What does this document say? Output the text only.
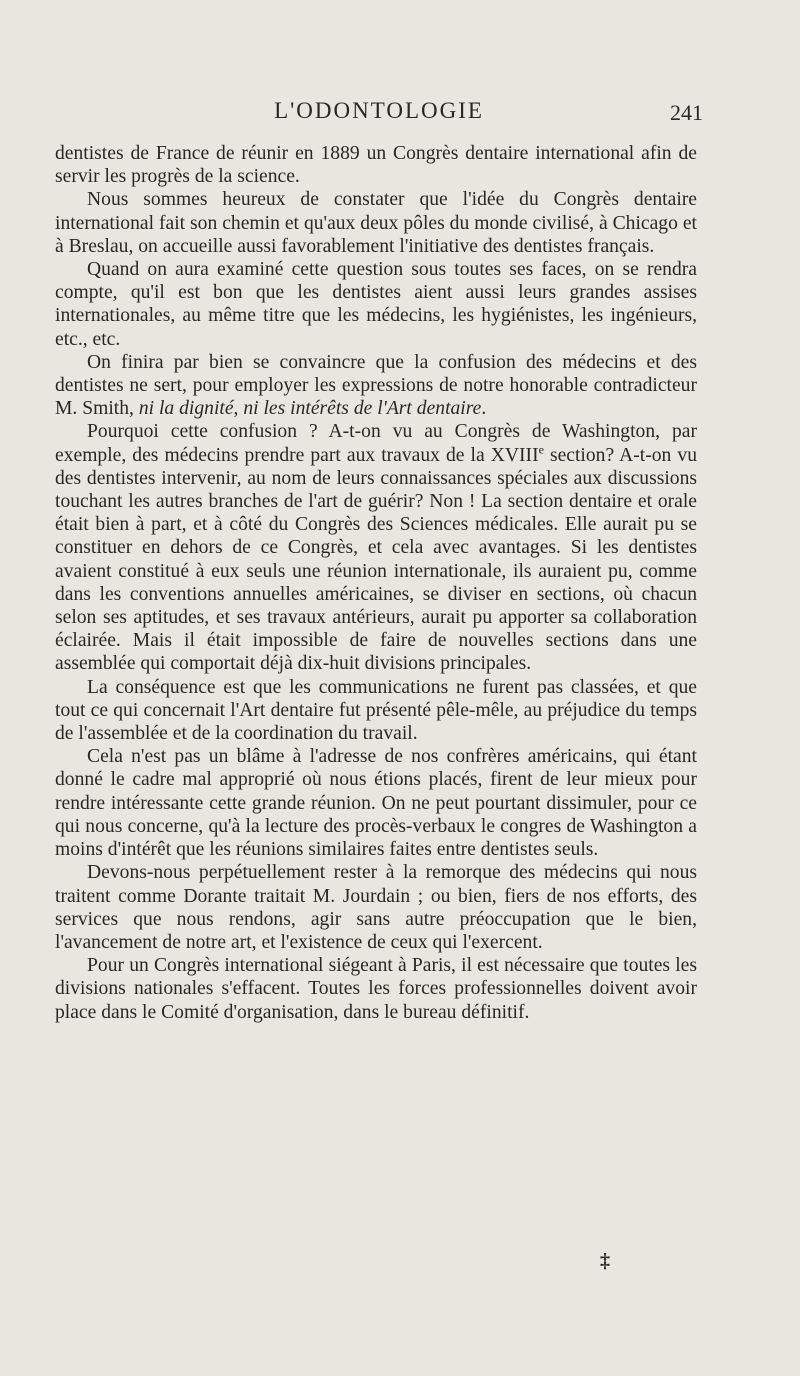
L'ODONTOLOGIE	241

dentistes de France de réunir en 1889 un Congrès dentaire international afin de servir les progrès de la science.

Nous sommes heureux de constater que l'idée du Congrès dentaire international fait son chemin et qu'aux deux pôles du monde civilisé, à Chicago et à Breslau, on accueille aussi favorablement l'initiative des dentistes français.

Quand on aura examiné cette question sous toutes ses faces, on se rendra compte, qu'il est bon que les dentistes aient aussi leurs grandes assises internationales, au même titre que les médecins, les hygiénistes, les ingénieurs, etc., etc.

On finira par bien se convaincre que la confusion des médecins et des dentistes ne sert, pour employer les expressions de notre honorable contradicteur M. Smith, ni la dignité, ni les intérêts de l'Art dentaire.

Pourquoi cette confusion ? A-t-on vu au Congrès de Washington, par exemple, des médecins prendre part aux travaux de la XVIIIe section? A-t-on vu des dentistes intervenir, au nom de leurs connaissances spéciales aux discussions touchant les autres branches de l'art de guérir? Non ! La section dentaire et orale était bien à part, et à côté du Congrès des Sciences médicales. Elle aurait pu se constituer en dehors de ce Congrès, et cela avec avantages. Si les dentistes avaient constitué à eux seuls une réunion internationale, ils auraient pu, comme dans les conventions annuelles américaines, se diviser en sections, où chacun selon ses aptitudes, et ses travaux antérieurs, aurait pu apporter sa collaboration éclairée. Mais il était impossible de faire de nouvelles sections dans une assemblée qui comportait déjà dix-huit divisions principales.

La conséquence est que les communications ne furent pas classées, et que tout ce qui concernait l'Art dentaire fut présenté pêle-mêle, au préjudice du temps de l'assemblée et de la coordination du travail.

Cela n'est pas un blâme à l'adresse de nos confrères américains, qui étant donné le cadre mal approprié où nous étions placés, firent de leur mieux pour rendre intéressante cette grande réunion. On ne peut pourtant dissimuler, pour ce qui nous concerne, qu'à la lecture des procès-verbaux le congres de Washington a moins d'intérêt que les réunions similaires faites entre dentistes seuls.

Devons-nous perpétuellement rester à la remorque des médecins qui nous traitent comme Dorante traitait M. Jourdain ; ou bien, fiers de nos efforts, des services que nous rendons, agir sans autre préoccupation que le bien, l'avancement de notre art, et l'existence de ceux qui l'exercent.

Pour un Congrès international siégeant à Paris, il est nécessaire que toutes les divisions nationales s'effacent. Toutes les forces professionnelles doivent avoir place dans le Comité d'organisation, dans le bureau définitif.

‡
